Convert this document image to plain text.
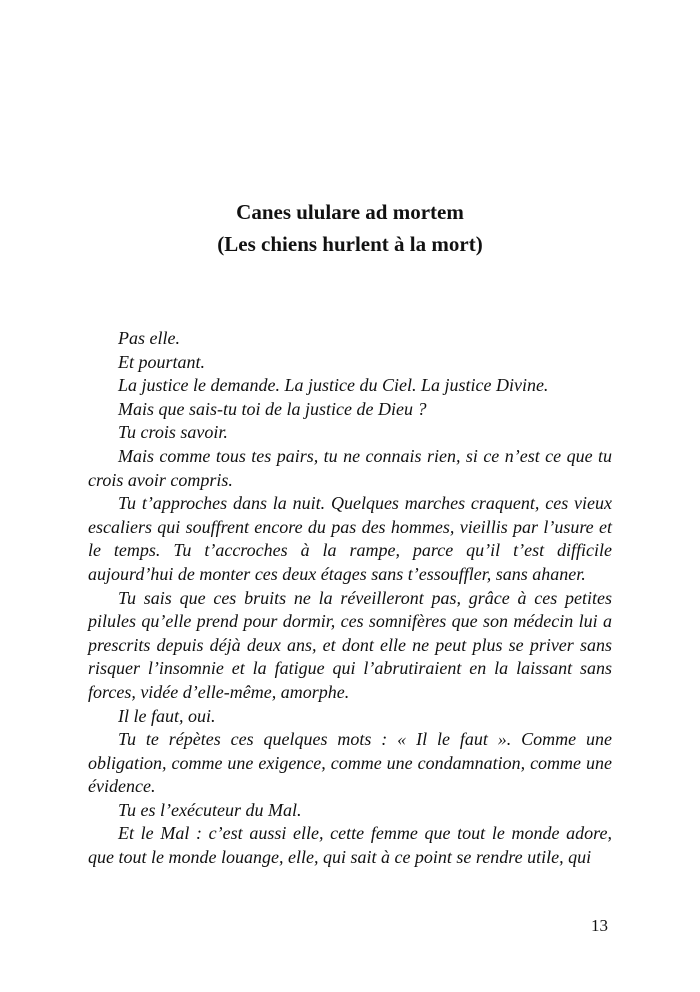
Canes ululare ad mortem
(Les chiens hurlent à la mort)

Pas elle.

Et pourtant.

La justice le demande. La justice du Ciel. La justice Divine.

Mais que sais-tu toi de la justice de Dieu ?

Tu crois savoir.

Mais comme tous tes pairs, tu ne connais rien, si ce n’est ce que tu crois avoir compris.

Tu t’approches dans la nuit. Quelques marches craquent, ces vieux escaliers qui souffrent encore du pas des hommes, vieillis par l’usure et le temps. Tu t’accroches à la rampe, parce qu’il t’est difficile aujourd’hui de monter ces deux étages sans t’essouffler, sans ahaner.

Tu sais que ces bruits ne la réveilleront pas, grâce à ces petites pilules qu’elle prend pour dormir, ces somnifères que son médecin lui a prescrits depuis déjà deux ans, et dont elle ne peut plus se priver sans risquer l’insomnie et la fatigue qui l’abrutiraient en la laissant sans forces, vidée d’elle-même, amorphe.

Il le faut, oui.

Tu te répètes ces quelques mots : « Il le faut ». Comme une obligation, comme une exigence, comme une condamnation, comme une évidence.

Tu es l’exécuteur du Mal.

Et le Mal : c’est aussi elle, cette femme que tout le monde adore, que tout le monde louange, elle, qui sait à ce point se rendre utile, qui

13
